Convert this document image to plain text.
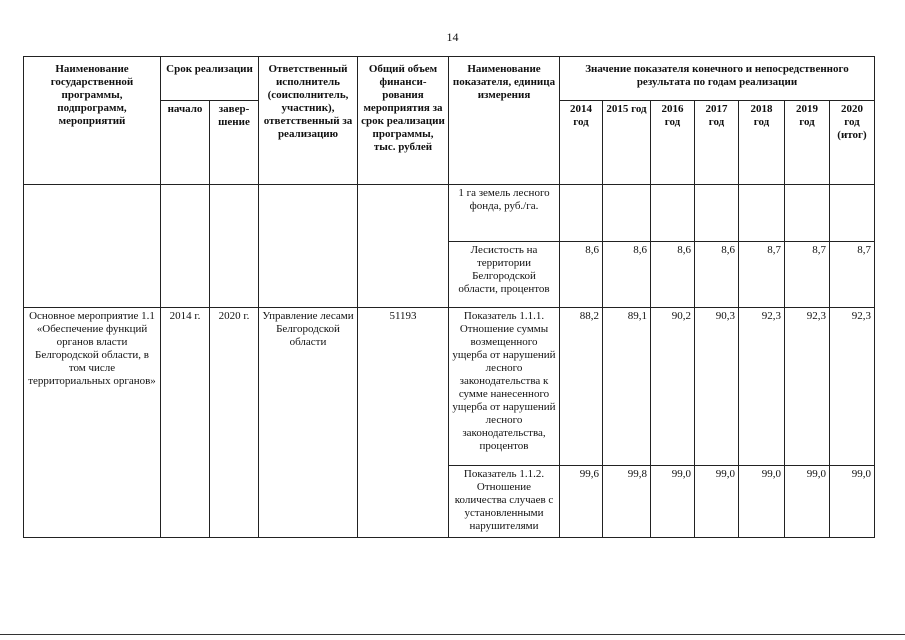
14
Наименование государственной программы, подпрограмм, мероприятий	Срок реализации		Ответственный исполнитель (соисполнитель, участник), ответственный за реализацию	Общий объем финанси-рования мероприятия за срок реализации программы, тыс. рублей	Наименование показателя, единица измерения	Значение показателя конечного и непосредственного результата по годам реализации						
	начало	завер-шение				2014 год	2015 год	2016 год	2017 год	2018 год	2019 год	2020 год (итог)
					1 га земель лесного фонда, руб./га.							
					Лесистость на территории Белгородской области, процентов	8,6	8,6	8,6	8,6	8,7	8,7	8,7
Основное мероприятие 1.1 «Обеспечение функций органов власти Белгородской области, в том числе территориальных органов»	2014 г.	2020 г.	Управление лесами Белгородской области	51193	Показатель 1.1.1. Отношение суммы возмещенного ущерба от нарушений лесного законодательства к сумме нанесенного ущерба от нарушений лесного законодательства, процентов	88,2	89,1	90,2	90,3	92,3	92,3	92,3
					Показатель 1.1.2. Отношение количества случаев с установленными нарушителями	99,6	99,8	99,0	99,0	99,0	99,0	99,0
